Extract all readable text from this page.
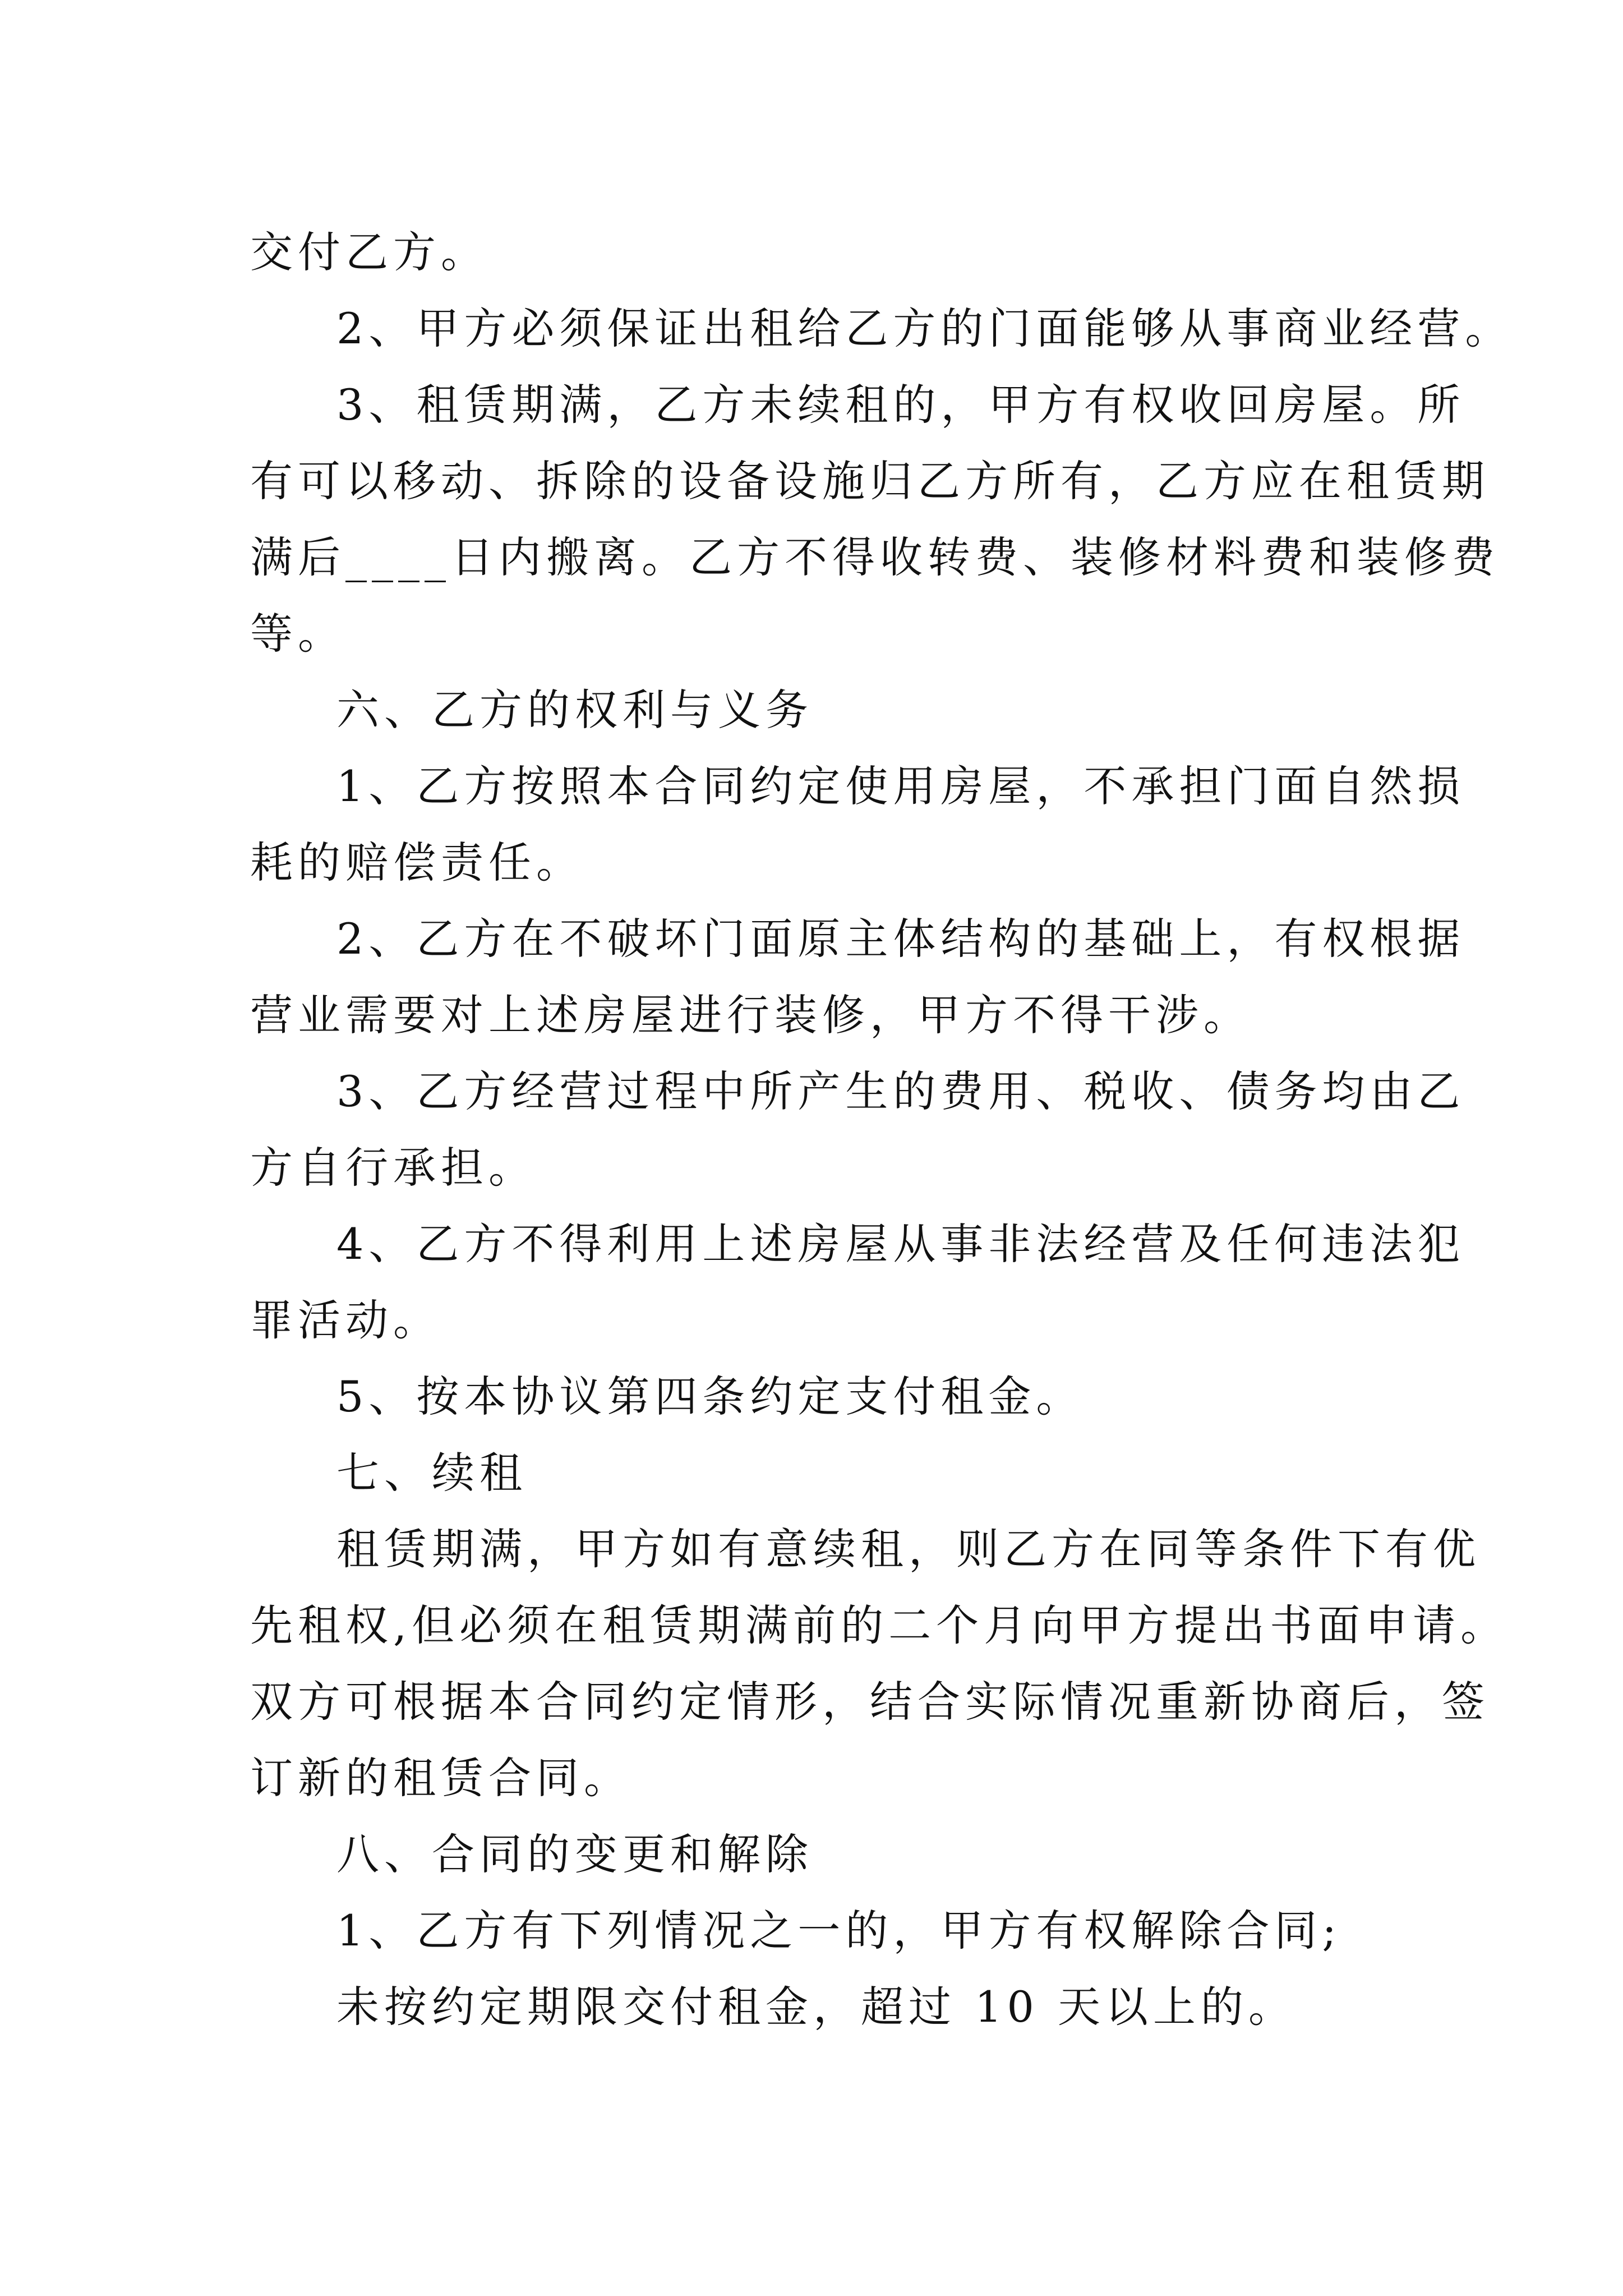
交付乙方。
2、甲方必须保证出租给乙方的门面能够从事商业经营。
3、租赁期满，乙方未续租的，甲方有权收回房屋。所
有可以移动、拆除的设备设施归乙方所有，乙方应在租赁期
满后____日内搬离。乙方不得收转费、装修材料费和装修费
等。
六、乙方的权利与义务
1、乙方按照本合同约定使用房屋，不承担门面自然损
耗的赔偿责任。
2、乙方在不破坏门面原主体结构的基础上，有权根据
营业需要对上述房屋进行装修，甲方不得干涉。
3、乙方经营过程中所产生的费用、税收、债务均由乙
方自行承担。
4、乙方不得利用上述房屋从事非法经营及任何违法犯
罪活动。
5、按本协议第四条约定支付租金。
七、续租
租赁期满，甲方如有意续租，则乙方在同等条件下有优
先租权,但必须在租赁期满前的二个月向甲方提出书面申请。
双方可根据本合同约定情形，结合实际情况重新协商后，签
订新的租赁合同。
八、合同的变更和解除
1、乙方有下列情况之一的，甲方有权解除合同;
未按约定期限交付租金，超过 10 天以上的。
